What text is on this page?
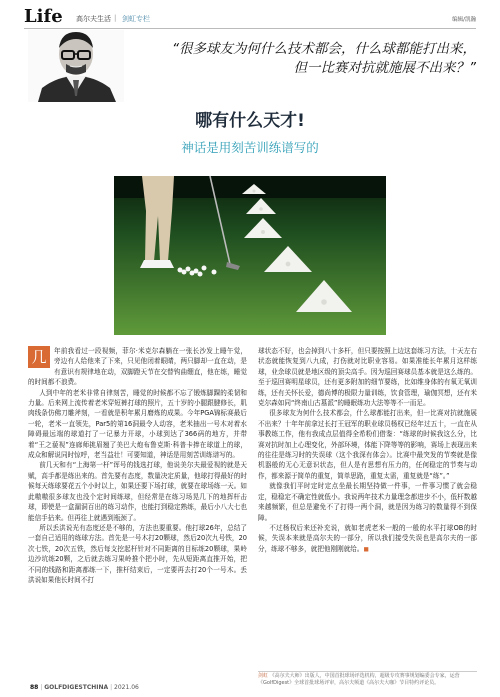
Life 高尔夫生活 | 剑虹专栏	编辑/凯瀚
“很多球友为何什么技术都会，什么球都能打出来，
但一比赛对抗就施展不出来？”
哪有什么天才!
神话是用刻苦训练谱写的
几	年前我看过一段视频，菲尔·米克尔森躺在一张长沙发上睡午觉，旁边有人给他来了下来，只见他闭着眼睛，两只脚却一直在动，是有意识有规律地在动，双脚蹬天节在交替钩曲绷直，他在练，睡觉的时间都不浪费。

人到中年的老米非常自律刻苦，睡觉的时候都不忘了锻炼脚踝的柔韧和力量。后来网上流传着老米穿短裤打球的照片，五十岁的小腿跟腱修长，肌肉线条仿佛刀雕斧刻，一看就是积年累月磨炼的成果。今年PGA锦标赛最后一轮，老米一直领先，Par5的第16洞最令人动容，老米抽出一号木对着水障碍最远端的球道打了一记暴力开球，小球到达了366码的地方，并带着“王之藐视”连廊师挑眉翘了美巴大炮布鲁克斯·科普卡捧在球道上的球，成众和解说同时惊呼，老当益壮！可要知道，神话是用刻苦训练谱写的。

前几天和有“上海第一杆”诨号的钱选打球，他说美尔夫最爱视的就是天赋，高手都是练出来的。首先要有态度，数量决定质量，他球打得最好的时候每天练球要花五个小时以上，如果还要下场打球，就要在球场练一天。如此嗷嗷很多球友也没个定时间练球，但经常是在练习场晃几下的地挥杆击球，即使是一盒漏洞百出的练习动作，也能打到稳定熟练，最后小八大七也能信手拈来。但再往上就遇到瓶颈了。

所以丢洪说光有态度还是不够的，方法也要重要。他打球26年，总结了一套自己适用的练球方法。首先是一号木打20颗球，然后20次九号铁，20次七铁，20次五铁，然后每支挖起杆针对不同距离的目标练20颗球，果岭边沙坑练20颗，之后就去练习果岭推个把小时，先从短距离直推开始，把不同的线路和距离都练一下，推杆结束后，一定要再去打20个一号木。丢洪说如果他长时间不打

球状态不好，也会掉到八十多杆，但只要按照上边这套练习方法，十天左右状态就能恢复到八九成，打伤就对比职业容易。如果准能长年累月这样练球，业余球员就是地区级的顶尖高手。因为巡回赛球员基本就是这么练的。至于巡回赛明星球员，还有更多附加的细节要练，比如维身体的有氧无氧训练，还有关怀长爱，德尚博的极限力量训练，饮食管理，瑜伽冥想，还有米克尔森如同“终南山古墓派”的睡眠练功大法等等不一而足。

很多球友为何什么技术都会，什么球都能打出来，但一比赛对抗就施展不出来？十年年前拿过长打王冠军的职业球员杨权已经年过五十，一直在从事教练工作，他有我成点层值得全希粉们借鉴：“练球的时候我这么分，比赛对抗时加上心理变化，外部环境，体能下降等等的影响，赛场上表现出来的往往是练习时的失误球（这个我深有体会）。比赛中最突发的节奏就是像机器般的无心无意识状态，但人是有思想有压力的，任何稳定的节奏与动作，都来源于简单的重复，简单思路，重复太需，重复就是“练”。”

就像我们平时定时定点坐最长期坚持做一件事，一件事习惯了就会稳定，稳稳定不确定性就低小。我说两年技术力量理念都进步不小，低杆数越来越频繁，但总是避免不了打得一两个洞，就是因为练习的数量得不到保障。

不过杨权后来还补充说，就如老虎老米一般的一般的水平打球OB的时候，失误本来就是高尔夫的一部分，所以我们接受失误也是高尔夫的一部分，练球不够多，就把他刚刚就给。◼

剑虹 《高尔夫大师》出版人，中国首批球场评选机构，超级专攻赛事规划编委会专家，运营《GolfDigest》全球首批球场评审，高尔夫频道《高尔夫大咖》节目特约评论员。
88 | GOLFDIGESTCHINA | 2021.06
